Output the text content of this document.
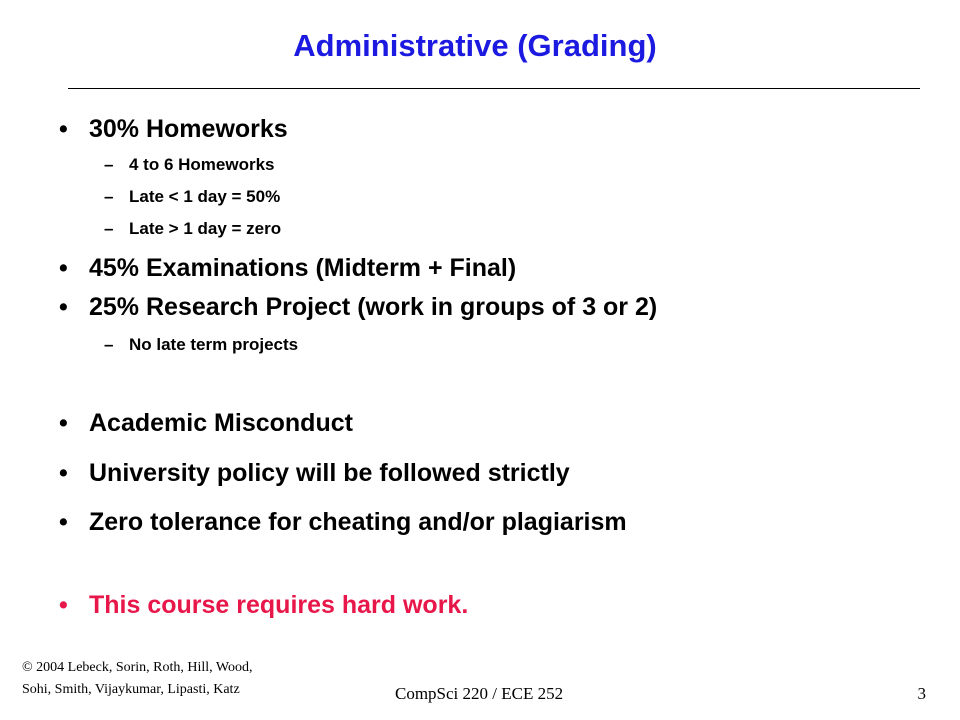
Administrative (Grading)
• 30% Homeworks
– 4 to 6 Homeworks
– Late < 1 day = 50%
– Late > 1 day = zero
• 45% Examinations (Midterm + Final)
• 25% Research Project (work in groups of 3 or 2)
– No late term projects
• Academic Misconduct
• University policy will be followed strictly
• Zero tolerance for cheating and/or plagiarism
• This course requires hard work.
© 2004 Lebeck, Sorin, Roth, Hill, Wood,
Sohi, Smith, Vijaykumar, Lipasti, Katz	CompSci 220 / ECE 252	3
